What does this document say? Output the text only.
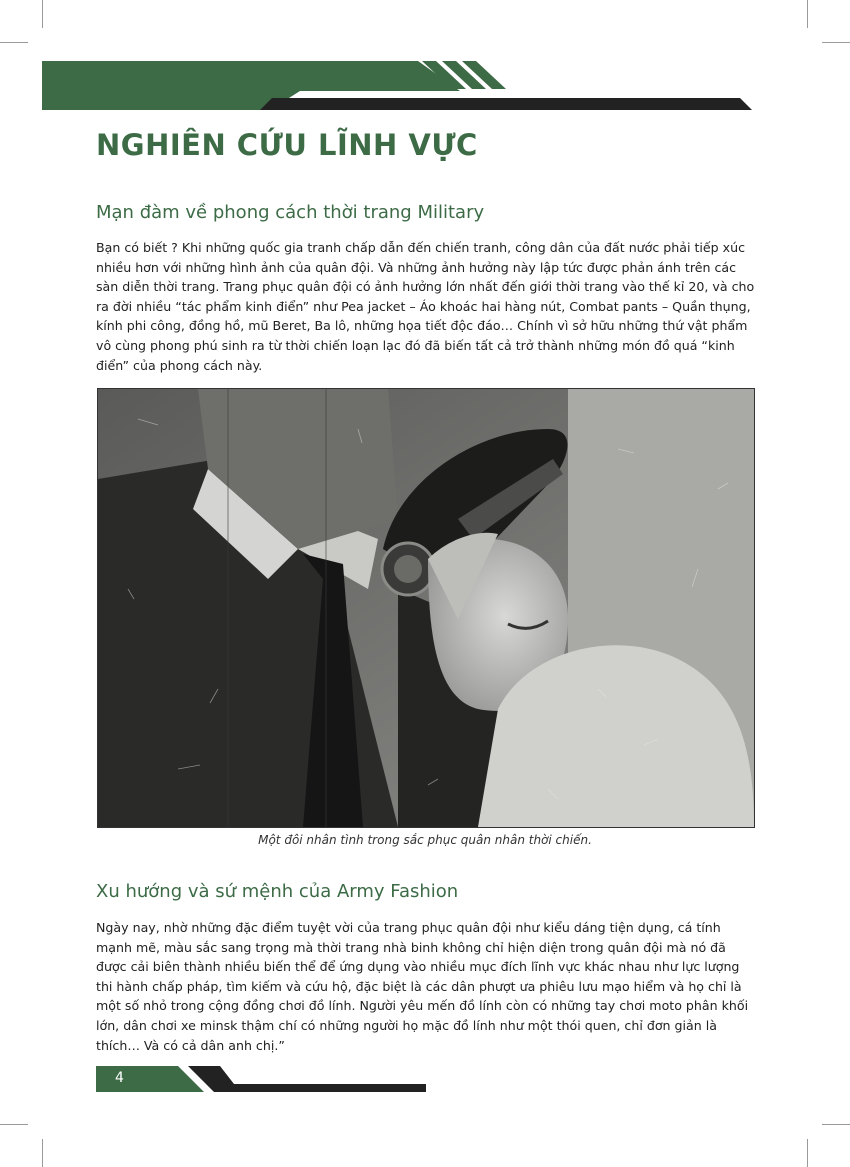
NGHIÊN CỨU LĨNH VỰC
Mạn đàm về phong cách thời trang Military

Bạn có biết ? Khi những quốc gia tranh chấp dẫn đến chiến tranh, công dân của đất nước phải tiếp xúc nhiều hơn với những hình ảnh của quân đội. Và những ảnh hưởng này lập tức được phản ánh trên các sàn diễn thời trang. Trang phục quân đội có ảnh hưởng lớn nhất đến giới thời trang vào thế kỉ 20, và cho ra đời nhiều “tác phẩm kinh điển” như Pea jacket – Áo khoác hai hàng nút, Combat pants – Quần thụng, kính phi công, đồng hồ, mũ Beret, Ba lô, những họa tiết độc đáo… Chính vì sở hữu những thứ vật phẩm vô cùng phong phú sinh ra từ thời chiến loạn lạc đó đã biến tất cả trở thành những món đồ quá “kinh điển” của phong cách này.

Một đôi nhân tình trong sắc phục quân nhân thời chiến.

Xu hướng và sứ mệnh của Army Fashion

Ngày nay, nhờ những đặc điểm tuyệt vời của trang phục quân đội như kiểu dáng tiện dụng, cá tính mạnh mẽ, màu sắc sang trọng mà thời trang nhà binh không chỉ hiện diện trong quân đội mà nó đã được cải biên thành nhiều biến thể để ứng dụng vào nhiều mục đích lĩnh vực khác nhau như lực lượng thi hành chấp pháp, tìm kiếm và cứu hộ, đặc biệt là các dân phượt ưa phiêu lưu mạo hiểm và họ chỉ là một số nhỏ trong cộng đồng chơi đồ lính. Người yêu mến đồ lính còn có những tay chơi moto phân khối lớn, dân chơi xe minsk thậm chí có những người họ mặc đồ lính như một thói quen, chỉ đơn giản là thích… Và có cả dân anh chị.”

4
